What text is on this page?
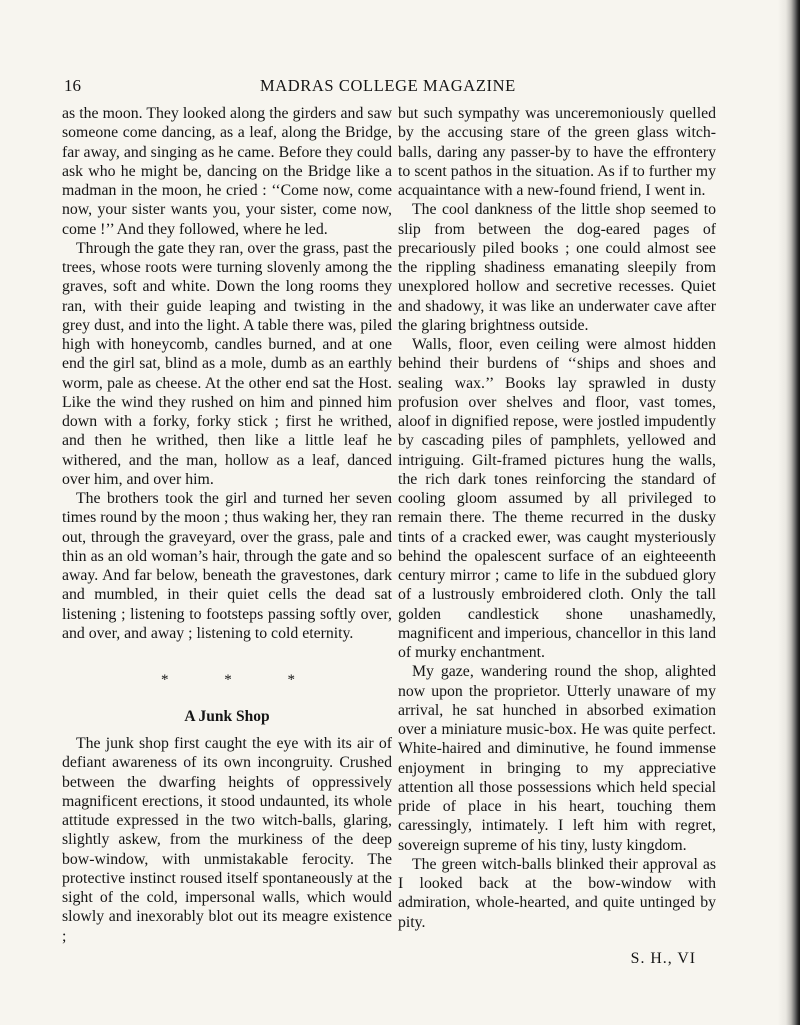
16	MADRAS COLLEGE MAGAZINE

as the moon. They looked along the girders and saw someone come dancing, as a leaf, along the Bridge, far away, and singing as he came. Before they could ask who he might be, dancing on the Bridge like a madman in the moon, he cried : ‘‘Come now, come now, your sister wants you, your sister, come now, come !’’ And they followed, where he led.

Through the gate they ran, over the grass, past the trees, whose roots were turning slovenly among the graves, soft and white. Down the long rooms they ran, with their guide leaping and twisting in the grey dust, and into the light. A table there was, piled high with honeycomb, candles burned, and at one end the girl sat, blind as a mole, dumb as an earthly worm, pale as cheese. At the other end sat the Host. Like the wind they rushed on him and pinned him down with a forky, forky stick ; first he writhed, and then he writhed, then like a little leaf he withered, and the man, hollow as a leaf, danced over him, and over him.

The brothers took the girl and turned her seven times round by the moon ; thus waking her, they ran out, through the graveyard, over the grass, pale and thin as an old woman’s hair, through the gate and so away. And far below, beneath the gravestones, dark and mumbled, in their quiet cells the dead sat listening ; listening to footsteps passing softly over, and over, and away ; listening to cold eternity.

* * *
A Junk Shop

The junk shop first caught the eye with its air of defiant awareness of its own incongruity. Crushed between the dwarfing heights of oppressively magnificent erections, it stood undaunted, its whole attitude expressed in the two witch-balls, glaring, slightly askew, from the murkiness of the deep bow-window, with unmistakable ferocity. The protective instinct roused itself spontaneously at the sight of the cold, impersonal walls, which would slowly and inexorably blot out its meagre existence ;

but such sympathy was unceremoniously quelled by the accusing stare of the green glass witch-balls, daring any passer-by to have the effrontery to scent pathos in the situation. As if to further my acquaintance with a new-found friend, I went in.

The cool dankness of the little shop seemed to slip from between the dog-eared pages of precariously piled books ; one could almost see the rippling shadiness emanating sleepily from unexplored hollow and secretive recesses. Quiet and shadowy, it was like an underwater cave after the glaring brightness outside.

Walls, floor, even ceiling were almost hidden behind their burdens of ‘‘ships and shoes and sealing wax.’’ Books lay sprawled in dusty profusion over shelves and floor, vast tomes, aloof in dignified repose, were jostled impudently by cascading piles of pamphlets, yellowed and intriguing. Gilt-framed pictures hung the walls, the rich dark tones reinforcing the standard of cooling gloom assumed by all privileged to remain there. The theme recurred in the dusky tints of a cracked ewer, was caught mysteriously behind the opalescent surface of an eighteeenth century mirror ; came to life in the subdued glory of a lustrously embroidered cloth. Only the tall golden candlestick shone unashamedly, magnificent and imperious, chancellor in this land of murky enchantment.

My gaze, wandering round the shop, alighted now upon the proprietor. Utterly unaware of my arrival, he sat hunched in absorbed eximation over a miniature music-box. He was quite perfect. White-haired and diminutive, he found immense enjoyment in bringing to my appreciative attention all those possessions which held special pride of place in his heart, touching them caressingly, intimately. I left him with regret, sovereign supreme of his tiny, lusty kingdom.

The green witch-balls blinked their approval as I looked back at the bow-window with admiration, whole-hearted, and quite untinged by pity.

S. H., VI
